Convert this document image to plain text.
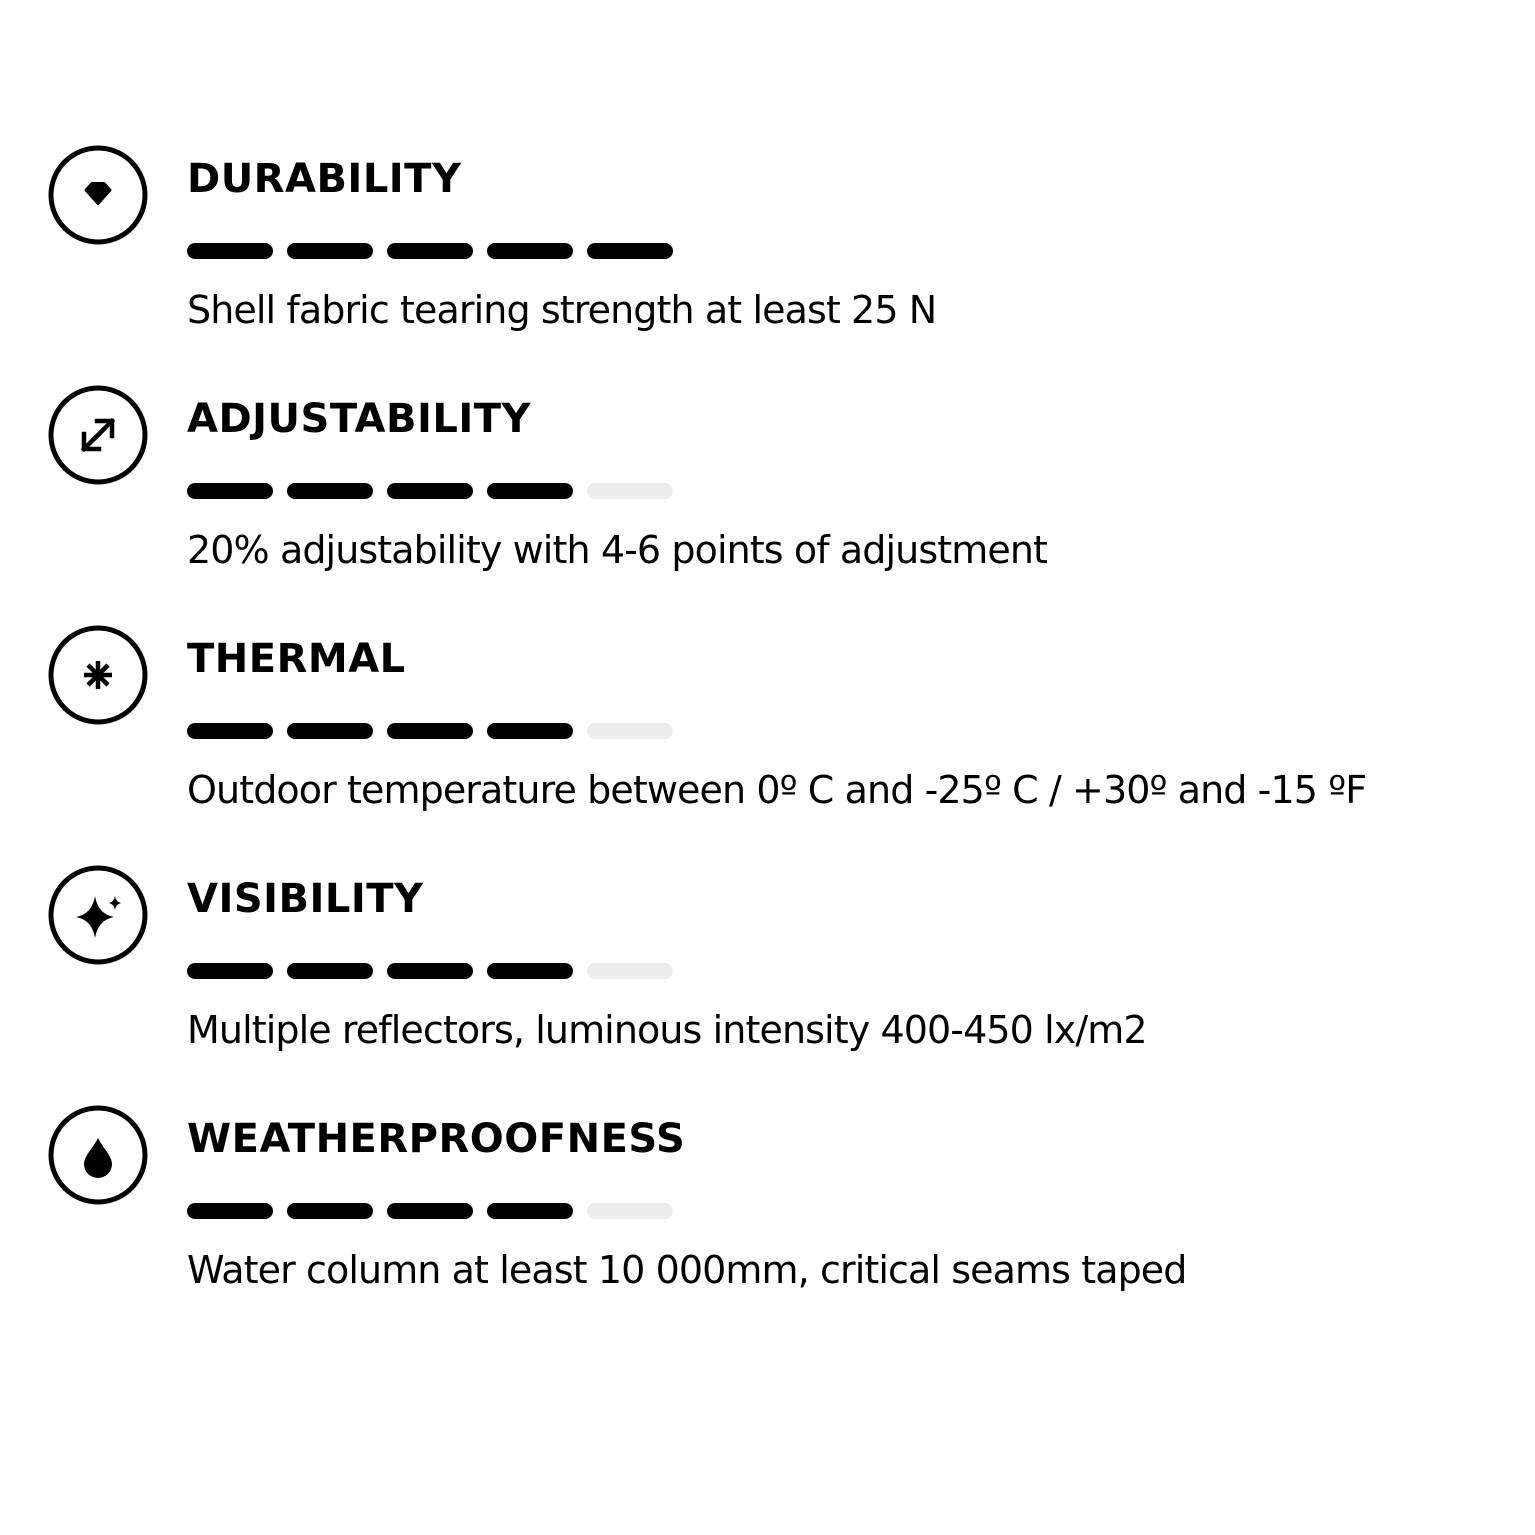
DURABILITY

Shell fabric tearing strength at least 25 N

ADJUSTABILITY

20% adjustability with 4-6 points of adjustment

THERMAL

Outdoor temperature between 0º C and -25º C / +30º and -15 ºF

VISIBILITY

Multiple reflectors, luminous intensity 400-450 lx/m2

WEATHERPROOFNESS

Water column at least 10 000mm, critical seams taped
